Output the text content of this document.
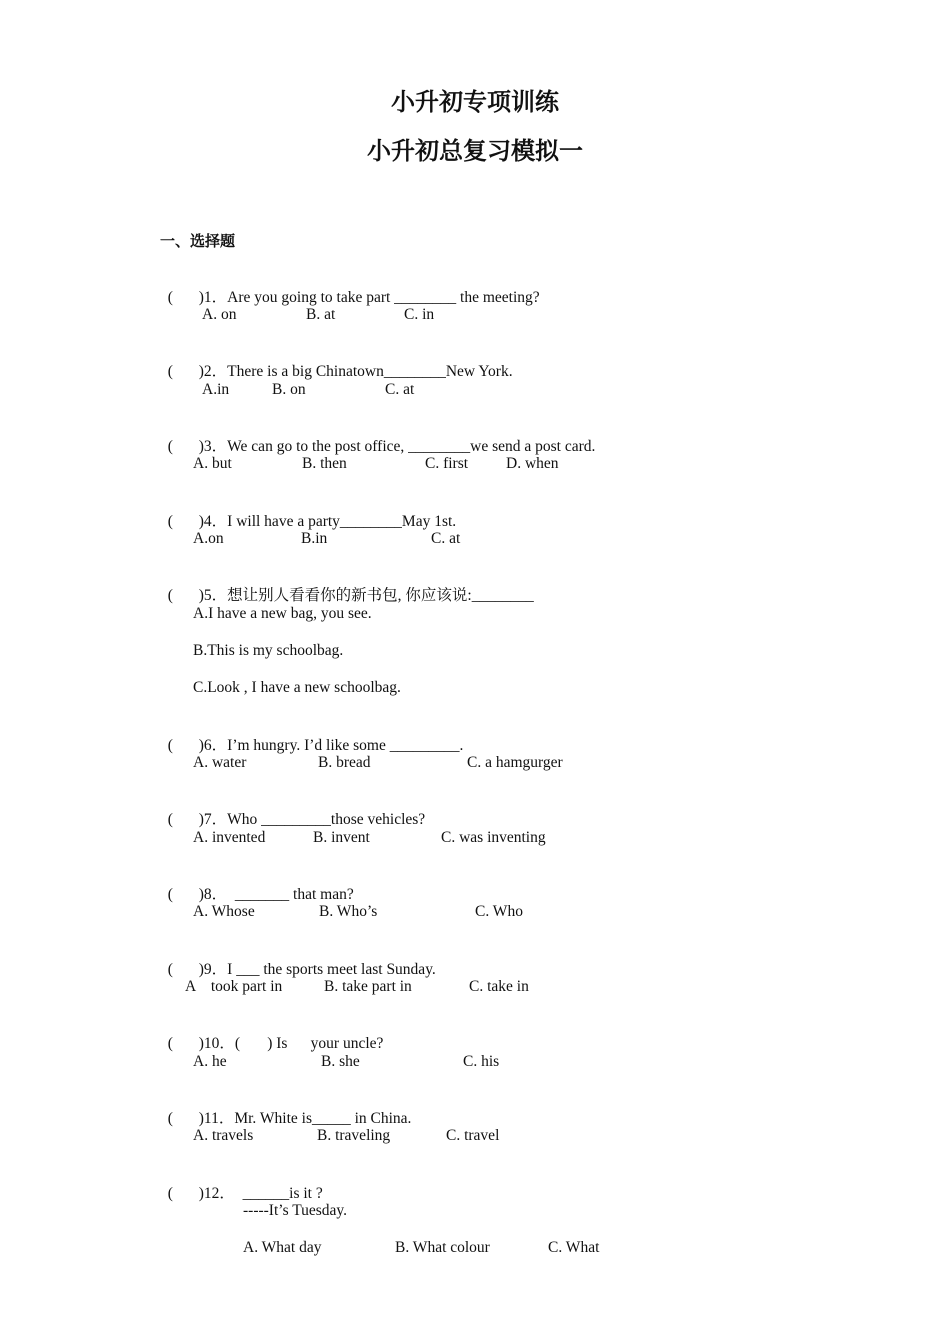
小升初专项训练
小升初总复习模拟一
一、选择题

( )1．Are you going to take part ________ the meeting?

A. on	B. at	C. in

( )2．There is a big Chinatown________New York.

A.in	B. on	C. at

( )3．We can go to the post office, ________we send a post card.

A. but	B. then	C. first D. when

( )4．I will have a party________May 1st.

A.on	B.in	C. at

( )5．想让别人看看你的新书包, 你应该说:________

A.I have a new bag, you see.
B.This is my schoolbag.
C.Look , I have a new schoolbag.

( )6．I’m hungry. I’d like some _________.

A. water	B. bread	C. a hamgurger

( )7．Who _________those vehicles?

A. invented	B. invent	C. was inventing

( )8．  _______ that man?

A. Whose	B. Who’s	C. Who

( )9．I ___ the sports meet last Sunday.

A    took part in	B. take part in	C. take in

( )10．(       ) Is      your uncle?

A. he	B. she	C. his

( )11．Mr. White is_____ in China.

A. travels	B. traveling	C. travel

( )12．  ______is it ?

-----It’s Tuesday.
A. What day	B. What colour	C. What
